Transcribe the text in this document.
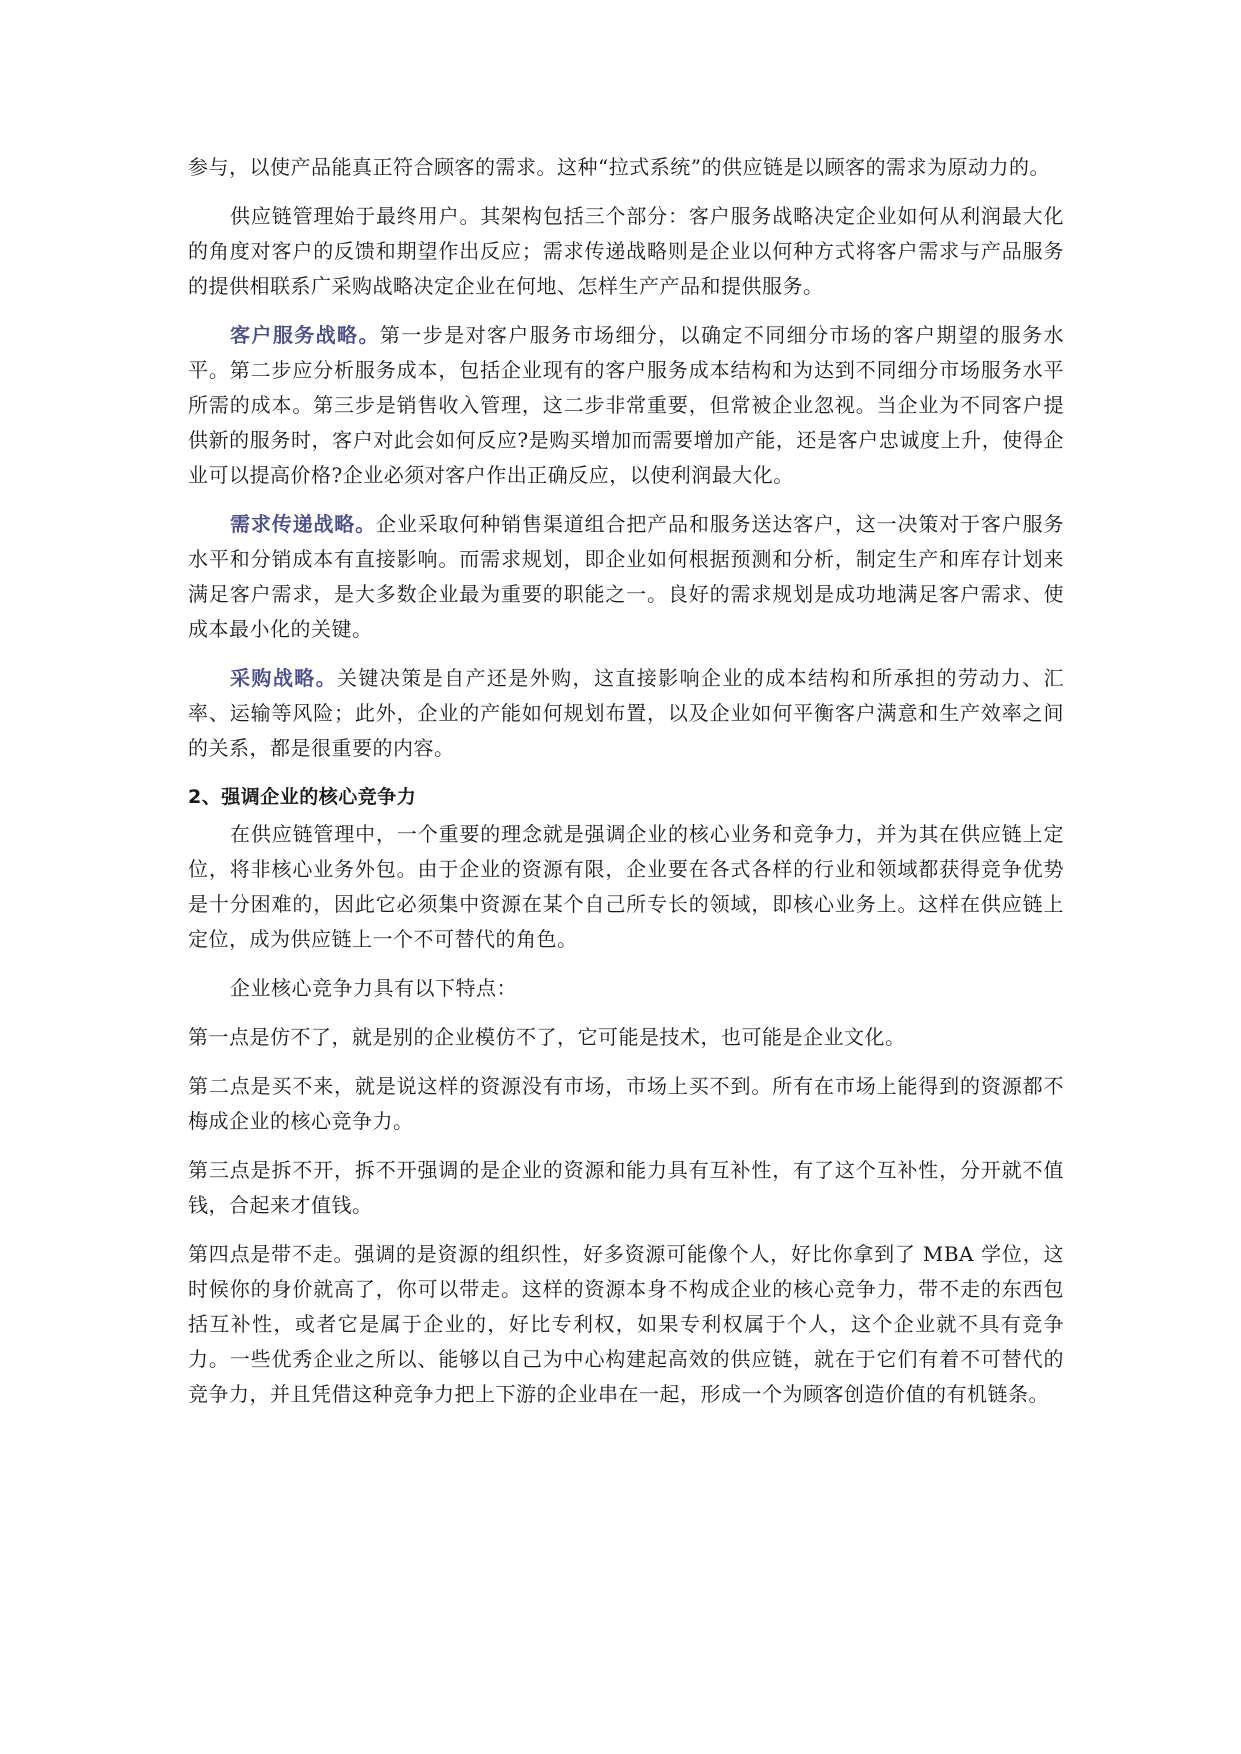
参与，以使产品能真正符合顾客的需求。这种“拉式系统”的供应链是以顾客的需求为原动力的。

供应链管理始于最终用户。其架构包括三个部分：客户服务战略决定企业如何从利润最大化的角度对客户的反馈和期望作出反应；需求传递战略则是企业以何种方式将客户需求与产品服务的提供相联系广采购战略决定企业在何地、怎样生产产品和提供服务。

客户服务战略。第一步是对客户服务市场细分，以确定不同细分市场的客户期望的服务水平。第二步应分析服务成本，包括企业现有的客户服务成本结构和为达到不同细分市场服务水平所需的成本。第三步是销售收入管理，这二步非常重要，但常被企业忽视。当企业为不同客户提供新的服务时，客户对此会如何反应?是购买增加而需要增加产能，还是客户忠诚度上升，使得企业可以提高价格?企业必须对客户作出正确反应，以使利润最大化。

需求传递战略。企业采取何种销售渠道组合把产品和服务送达客户，这一决策对于客户服务水平和分销成本有直接影响。而需求规划，即企业如何根据预测和分析，制定生产和库存计划来满足客户需求，是大多数企业最为重要的职能之一。良好的需求规划是成功地满足客户需求、使成本最小化的关键。

采购战略。关键决策是自产还是外购，这直接影响企业的成本结构和所承担的劳动力、汇率、运输等风险；此外，企业的产能如何规划布置，以及企业如何平衡客户满意和生产效率之间的关系，都是很重要的内容。

2、强调企业的核心竞争力

在供应链管理中，一个重要的理念就是强调企业的核心业务和竞争力，并为其在供应链上定位，将非核心业务外包。由于企业的资源有限，企业要在各式各样的行业和领域都获得竞争优势是十分困难的，因此它必须集中资源在某个自己所专长的领域，即核心业务上。这样在供应链上定位，成为供应链上一个不可替代的角色。

企业核心竞争力具有以下特点：

第一点是仿不了，就是别的企业模仿不了，它可能是技术，也可能是企业文化。

第二点是买不来，就是说这样的资源没有市场，市场上买不到。所有在市场上能得到的资源都不梅成企业的核心竞争力。

第三点是拆不开，拆不开强调的是企业的资源和能力具有互补性，有了这个互补性，分开就不值钱，合起来才值钱。

第四点是带不走。强调的是资源的组织性，好多资源可能像个人，好比你拿到了 MBA 学位，这时候你的身价就高了，你可以带走。这样的资源本身不构成企业的核心竞争力，带不走的东西包括互补性，或者它是属于企业的，好比专利权，如果专利权属于个人，这个企业就不具有竞争力。一些优秀企业之所以、能够以自己为中心构建起高效的供应链，就在于它们有着不可替代的竞争力，并且凭借这种竞争力把上下游的企业串在一起，形成一个为顾客创造价值的有机链条。
